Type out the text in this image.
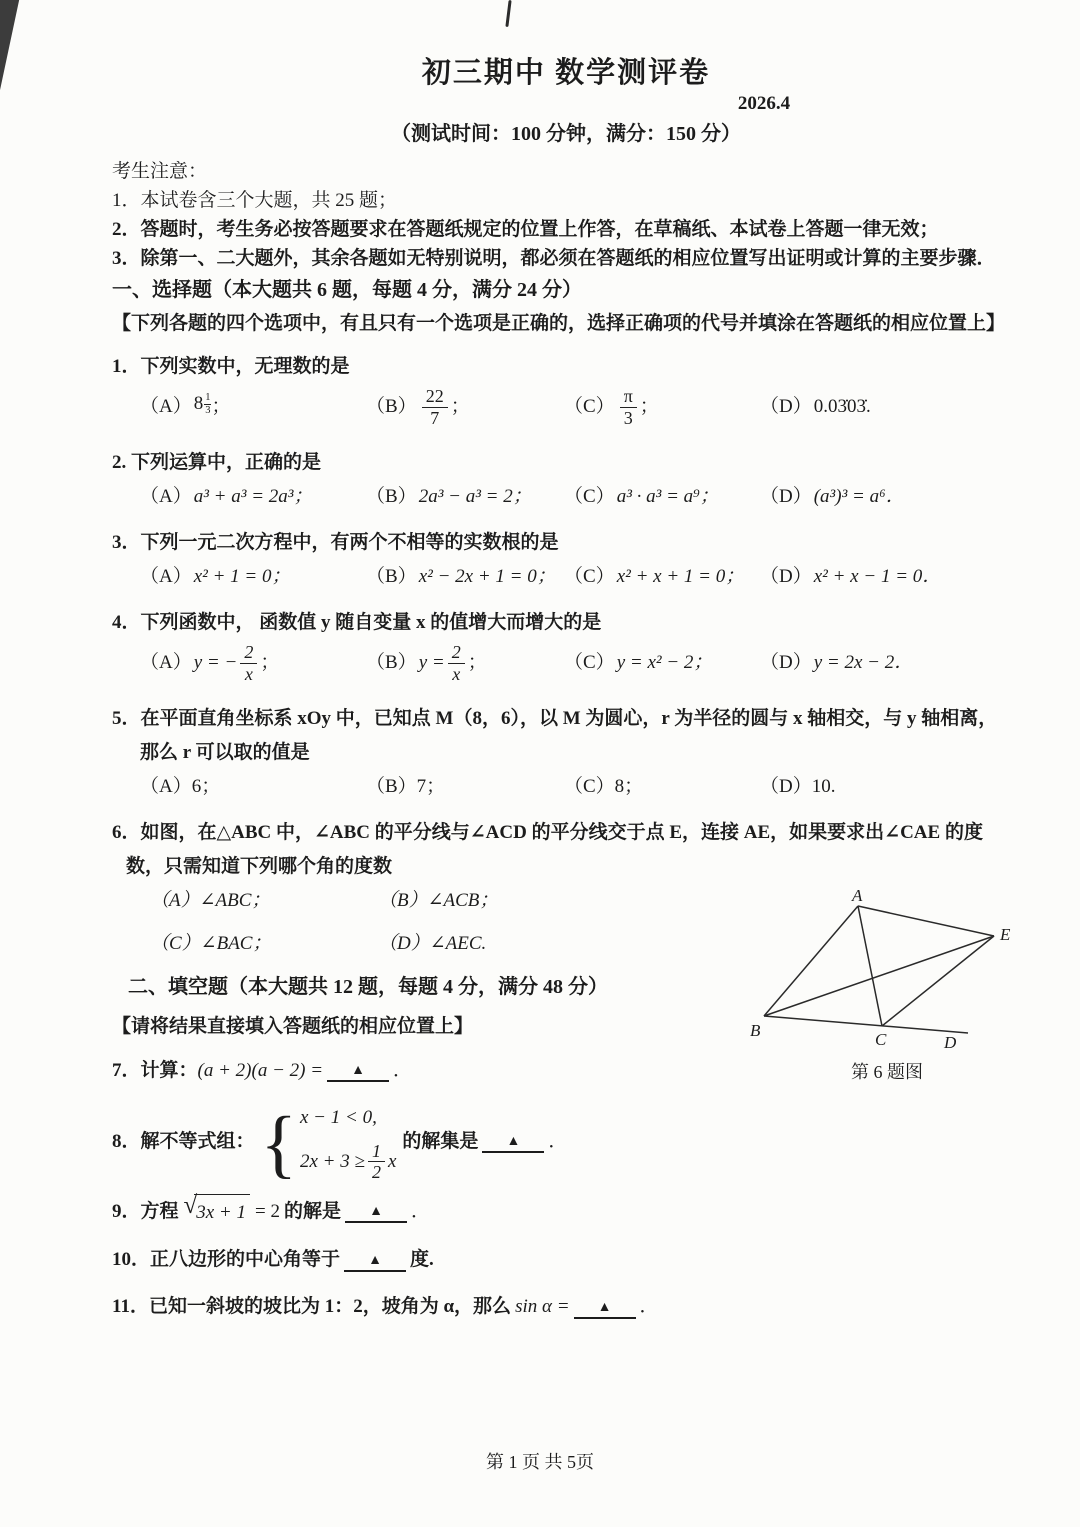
初三期中 数学测评卷
2026.4
（测试时间：100 分钟，满分：150 分）
考生注意：
1．本试卷含三个大题，共 25 题；
2．答题时，考生务必按答题要求在答题纸规定的位置上作答，在草稿纸、本试卷上答题一律无效；
3．除第一、二大题外，其余各题如无特别说明，都必须在答题纸的相应位置写出证明或计算的主要步骤．
一、选择题（本大题共 6 题，每题 4 分，满分 24 分）
【下列各题的四个选项中，有且只有一个选项是正确的，选择正确项的代号并填涂在答题纸的相应位置上】
1．下列实数中，无理数的是
（A） $8 \frac{1}{3}$ ；	$(B) \frac{22}{7}$ ；	$(C) \frac{\pi}{3}$ ；	（D） 0.03̇03̇ .
2. 下列运算中，正确的是
（A） a³ + a³ = 2a³；	（B） 2a³ − a³ = 2； （C） a³ · a³ = a⁹； （D） (a³)³ = a⁶．
3．下列一元二次方程中，有两个不相等的实数根的是
（A） x² + 1 = 0；	（B） x² − 2x + 1 = 0； （C） x² + x + 1 = 0； （D） x² + x − 1 = 0．
4．下列函数中， 函数值 y 随自变量 x 的值增大而增大的是
（A） y = − $\frac{2}{x}$ ；	（B） $y = \frac{2}{x}$ ；	（C） y = x² − 2；	（D） y = 2x − 2．
5．在平面直角坐标系 xOy 中，已知点 M（8，6），以 M 为圆心，r 为半径的圆与 x 轴相交，与 y 轴相离，
那么 r 可以取的值是
（A）6；	（B）7；	（C）8；	（D）10.
6．如图，在△ABC 中，∠ABC 的平分线与∠ACD 的平分线交于点 E，连接 AE，如果要求出∠CAE 的度
数，只需知道下列哪个角的度数
（A）∠ABC；	（B）∠ACB；
（C）∠BAC；	（D）∠AEC.
二、填空题（本大题共 12 题，每题 4 分，满分 48 分）
【请将结果直接填入答题纸的相应位置上】
7．计算： (a + 2)(a − 2) =	▲	．
8．解不等式组： { x − 1 < 0,
$2x + 3 \ge \frac{1}{2}$ x
的解集是	▲	．
9．方程 √ 3x + 1 = 2 的解是	▲	．
10．正八边形的中心角等于	▲	度.
11．已知一斜坡的坡比为 1：2，坡角为 α，那么 sin α =	▲	．
A
E
B	C	D
第 6 题图
第 1 页 共 5页
